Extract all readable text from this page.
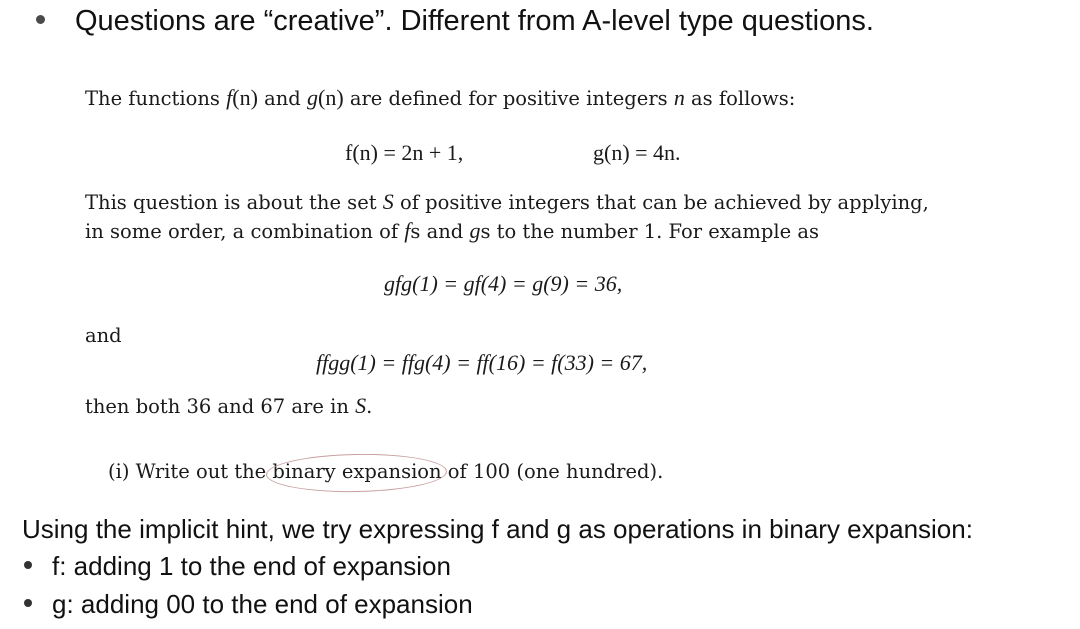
Questions are “creative”. Different from A-level type questions.
The functions f(n) and g(n) are defined for positive integers n as follows:
f(n) = 2n + 1,	g(n) = 4n.
This question is about the set S of positive integers that can be achieved by applying,
in some order, a combination of fs and gs to the number 1. For example as
gfg(1) = gf(4) = g(9) = 36,
and
ffgg(1) = ffg(4) = ff(16) = f(33) = 67,
then both 36 and 67 are in S.
(i) Write out the binary expansion of 100 (one hundred).
Using the implicit hint, we try expressing f and g as operations in binary expansion:
f: adding 1 to the end of expansion
g: adding 00 to the end of expansion
